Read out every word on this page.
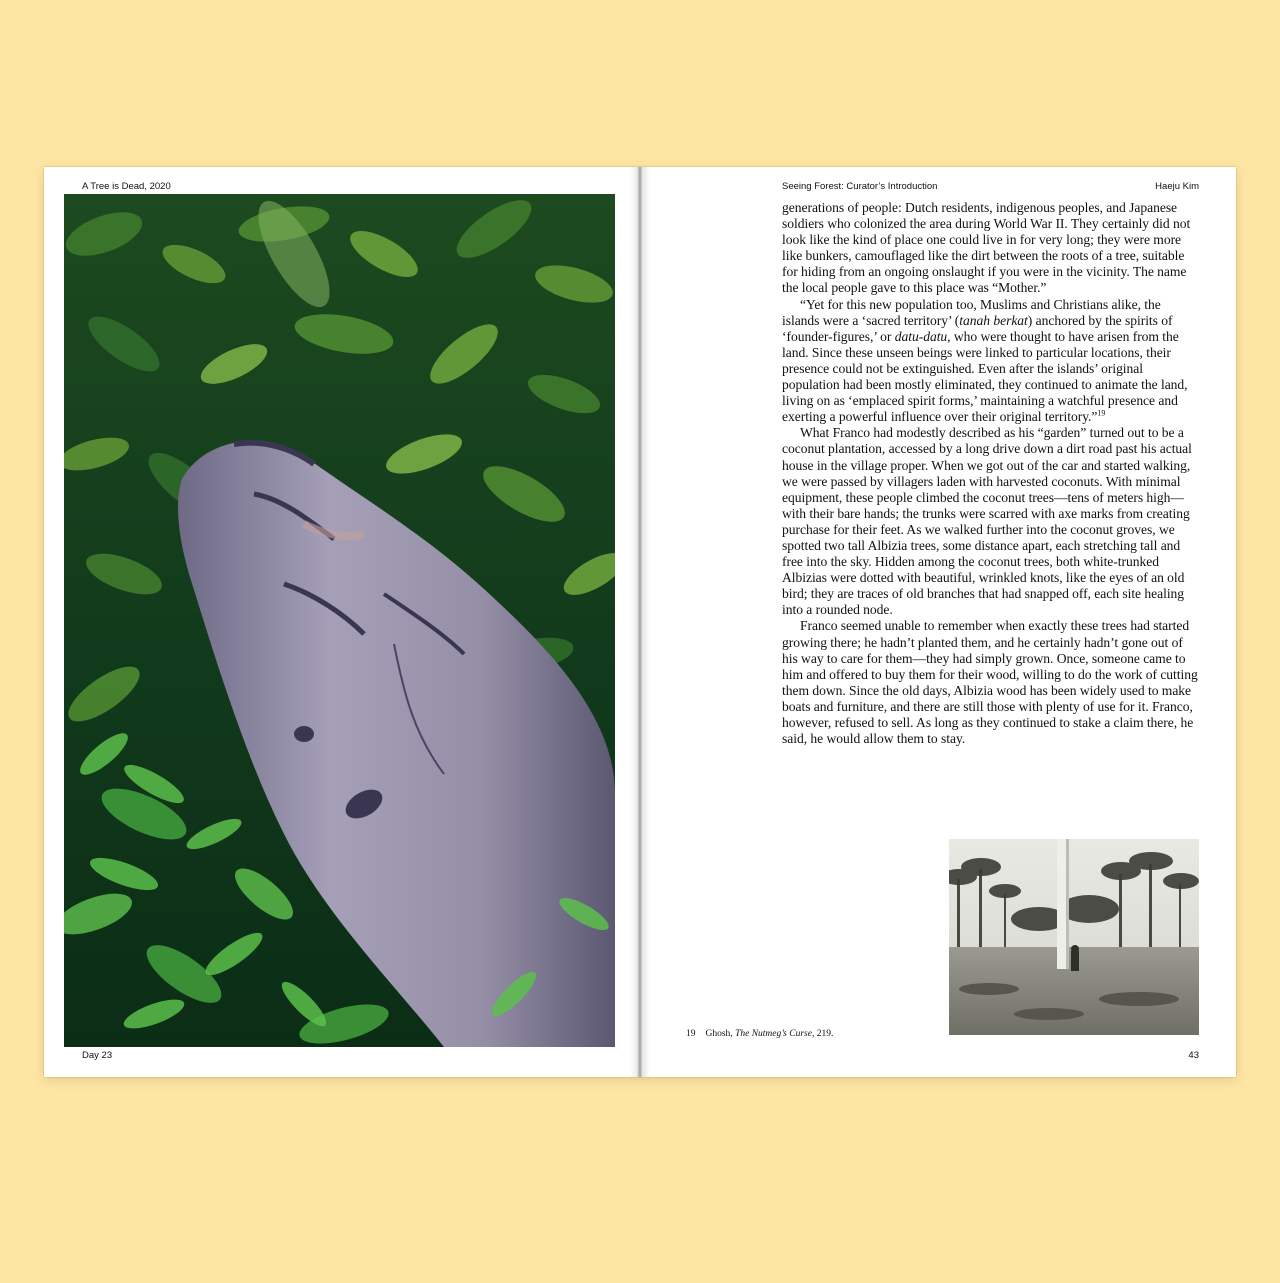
A Tree is Dead, 2020
Day 23
Seeing Forest: Curator’s Introduction	Haeju Kim

generations of people: Dutch residents, indigenous peoples, and Japanese soldiers who colonized the area during World War II. They certainly did not look like the kind of place one could live in for very long; they were more like bunkers, camouflaged like the dirt between the roots of a tree, suitable for hiding from an ongoing onslaught if you were in the vicinity. The name the local people gave to this place was “Mother.”

“Yet for this new population too, Muslims and Christians alike, the islands were a ‘sacred territory’ (tanah berkat) anchored by the spirits of ‘founder-figures,’ or datu-datu, who were thought to have arisen from the land. Since these unseen beings were linked to particular locations, their presence could not be extinguished. Even after the islands’ original population had been mostly eliminated, they continued to animate the land, living on as ‘emplaced spirit forms,’ maintaining a watchful presence and exerting a powerful influence over their original territory.”$^{19}$

What Franco had modestly described as his “garden” turned out to be a coconut plantation, accessed by a long drive down a dirt road past his actual house in the village proper. When we got out of the car and started walking, we were passed by villagers laden with harvested coconuts. With minimal equipment, these people climbed the coconut trees—tens of meters high—with their bare hands; the trunks were scarred with axe marks from creating purchase for their feet. As we walked further into the coconut groves, we spotted two tall Albizia trees, some distance apart, each stretching tall and free into the sky. Hidden among the coconut trees, both white-trunked Albizias were dotted with beautiful, wrinkled knots, like the eyes of an old bird; they are traces of old branches that had snapped off, each site healing into a rounded node.

Franco seemed unable to remember when exactly these trees had started growing there; he hadn’t planted them, and he certainly hadn’t gone out of his way to care for them—they had simply grown. Once, someone came to him and offered to buy them for their wood, willing to do the work of cutting them down. Since the old days, Albizia wood has been widely used to make boats and furniture, and there are still those with plenty of use for it. Franco, however, refused to sell. As long as they continued to stake a claim there, he said, he would allow them to stay.

19 Ghosh, The Nutmeg’s Curse, 219.
43
